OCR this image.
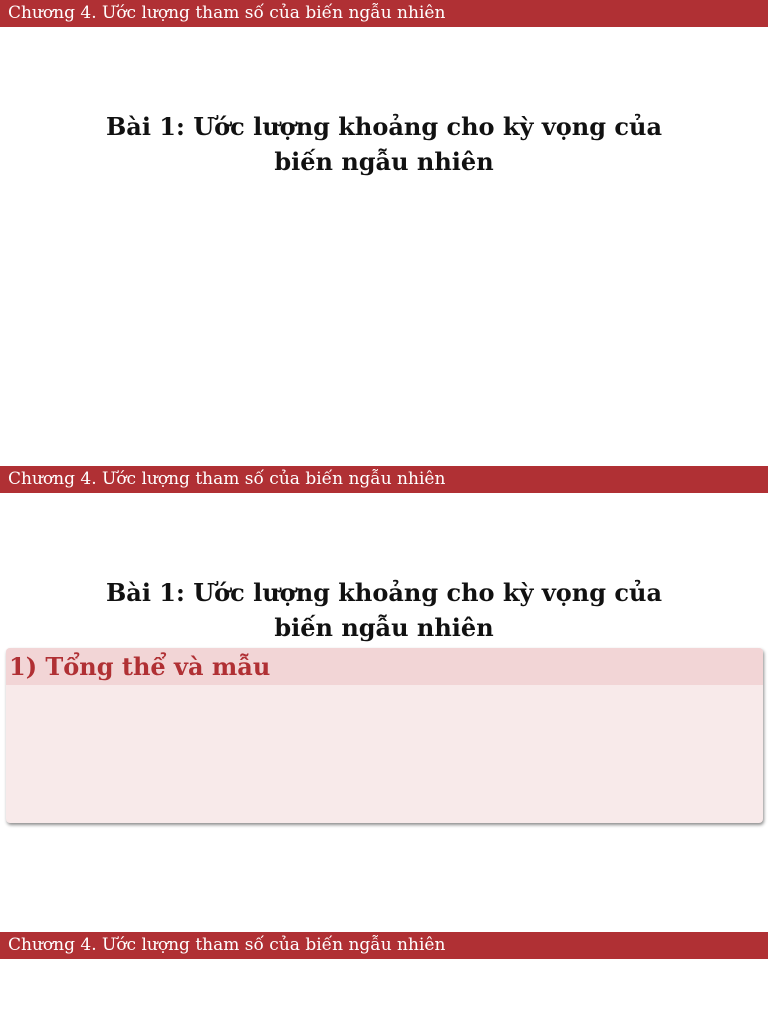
Chương 4. Ước lượng tham số của biến ngẫu nhiên
Bài 1: Ước lượng khoảng cho kỳ vọng của
biến ngẫu nhiên
Chương 4. Ước lượng tham số của biến ngẫu nhiên
Bài 1: Ước lượng khoảng cho kỳ vọng của
biến ngẫu nhiên
1) Tổng thể và mẫu
Chương 4. Ước lượng tham số của biến ngẫu nhiên
